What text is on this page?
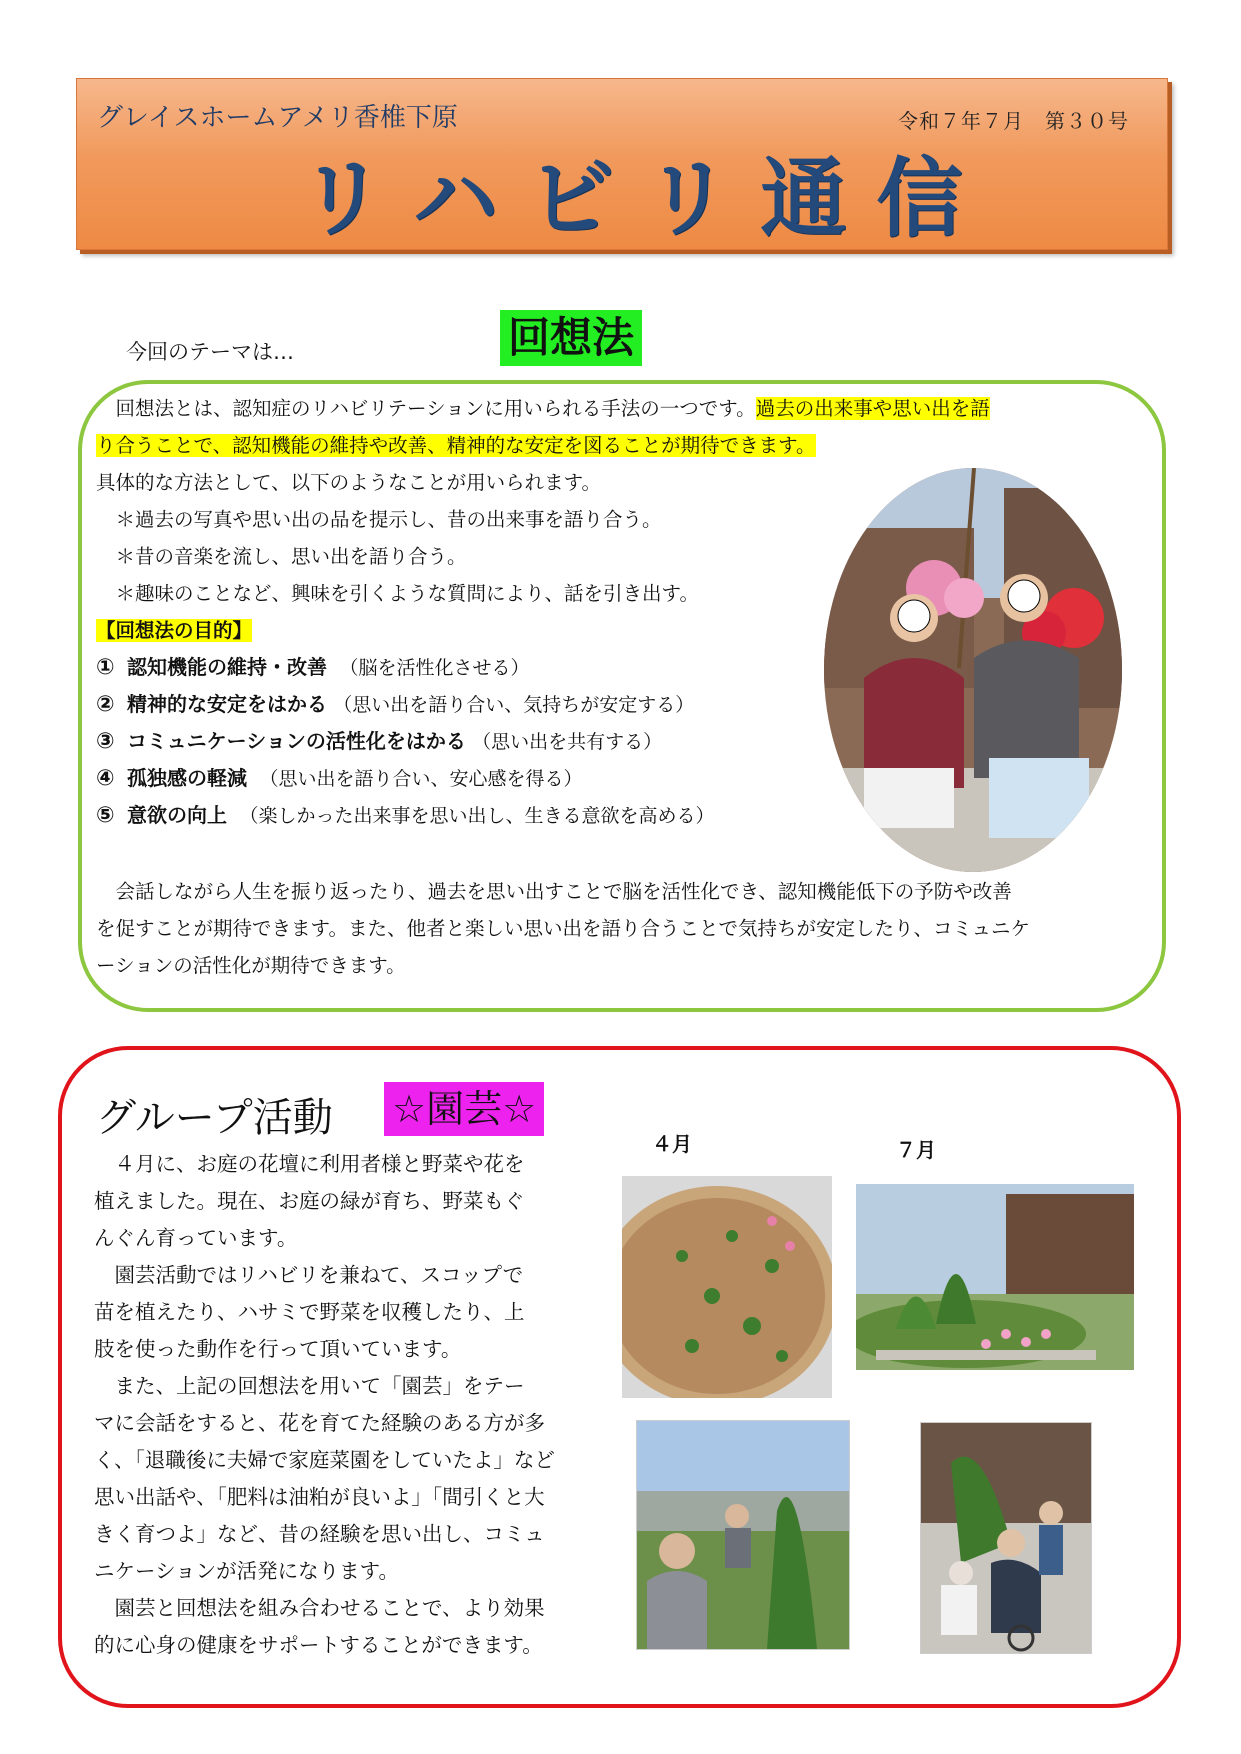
グレイスホームアメリ香椎下原	令和７年７月　第３０号
リハビリ通信
今回のテーマは…	回想法
　回想法とは、認知症のリハビリテーションに用いられる手法の一つです。過去の出来事や思い出を語
り合うことで、認知機能の維持や改善、精神的な安定を図ることが期待できます。
具体的な方法として、以下のようなことが用いられます。
　＊過去の写真や思い出の品を提示し、昔の出来事を語り合う。
　＊昔の音楽を流し、思い出を語り合う。
　＊趣味のことなど、興味を引くような質問により、話を引き出す。
【回想法の目的】
① 認知機能の維持・改善 （脳を活性化させる）
② 精神的な安定をはかる （思い出を語り合い、気持ちが安定する）
③ コミュニケーションの活性化をはかる （思い出を共有する）
④ 孤独感の軽減 （思い出を語り合い、安心感を得る）
⑤ 意欲の向上 （楽しかった出来事を思い出し、生きる意欲を高める）
　会話しながら人生を振り返ったり、過去を思い出すことで脳を活性化でき、認知機能低下の予防や改善
を促すことが期待できます。また、他者と楽しい思い出を語り合うことで気持ちが安定したり、コミュニケ
ーションの活性化が期待できます。
グループ活動 ☆園芸☆
　４月に、お庭の花壇に利用者様と野菜や花を
植えました。現在、お庭の緑が育ち、野菜もぐ
んぐん育っています。
　園芸活動ではリハビリを兼ねて、スコップで
苗を植えたり、ハサミで野菜を収穫したり、上
肢を使った動作を行って頂いています。
　また、上記の回想法を用いて「園芸」をテー
マに会話をすると、花を育てた経験のある方が多
く、「退職後に夫婦で家庭菜園をしていたよ」など
思い出話や、「肥料は油粕が良いよ」「間引くと大
きく育つよ」など、昔の経験を思い出し、コミュ
ニケーションが活発になります。
　園芸と回想法を組み合わせることで、より効果
的に心身の健康をサポートすることができます。
４月	７月
